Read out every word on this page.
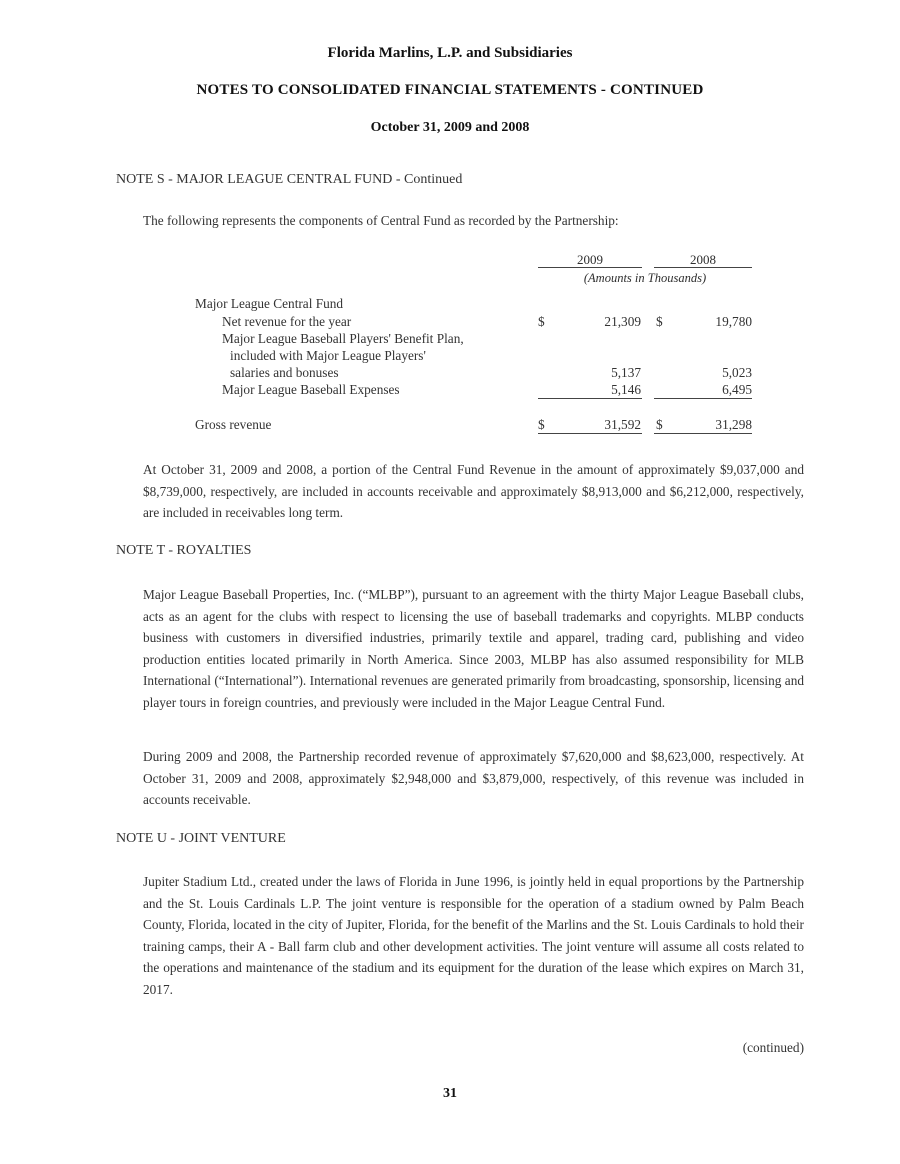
Florida Marlins, L.P. and Subsidiaries
NOTES TO CONSOLIDATED FINANCIAL STATEMENTS - CONTINUED
October 31, 2009 and 2008
NOTE S - MAJOR LEAGUE CENTRAL FUND - Continued
The following represents the components of Central Fund as recorded by the Partnership:
2009	2008
(Amounts in Thousands)
Major League Central Fund
Net revenue for the year	$	21,309 $	19,780
Major League Baseball Players' Benefit Plan,
included with Major League Players'
salaries and bonuses	5,137	5,023
Major League Baseball Expenses	5,146	6,495
Gross revenue	$	31,592 $	31,298

At October 31, 2009 and 2008, a portion of the Central Fund Revenue in the amount of approximately $9,037,000 and $8,739,000, respectively, are included in accounts receivable and approximately $8,913,000 and $6,212,000, respectively, are included in receivables long term.

NOTE T - ROYALTIES

Major League Baseball Properties, Inc. (“MLBP”), pursuant to an agreement with the thirty Major League Baseball clubs, acts as an agent for the clubs with respect to licensing the use of baseball trademarks and copyrights. MLBP conducts business with customers in diversified industries, primarily textile and apparel, trading card, publishing and video production entities located primarily in North America. Since 2003, MLBP has also assumed responsibility for MLB International (“International”). International revenues are generated primarily from broadcasting, sponsorship, licensing and player tours in foreign countries, and previously were included in the Major League Central Fund.

During 2009 and 2008, the Partnership recorded revenue of approximately $7,620,000 and $8,623,000, respectively. At October 31, 2009 and 2008, approximately $2,948,000 and $3,879,000, respectively, of this revenue was included in accounts receivable.

NOTE U - JOINT VENTURE

Jupiter Stadium Ltd., created under the laws of Florida in June 1996, is jointly held in equal proportions by the Partnership and the St. Louis Cardinals L.P. The joint venture is responsible for the operation of a stadium owned by Palm Beach County, Florida, located in the city of Jupiter, Florida, for the benefit of the Marlins and the St. Louis Cardinals to hold their training camps, their A - Ball farm club and other development activities. The joint venture will assume all costs related to the operations and maintenance of the stadium and its equipment for the duration of the lease which expires on March 31, 2017.

(continued)
31
